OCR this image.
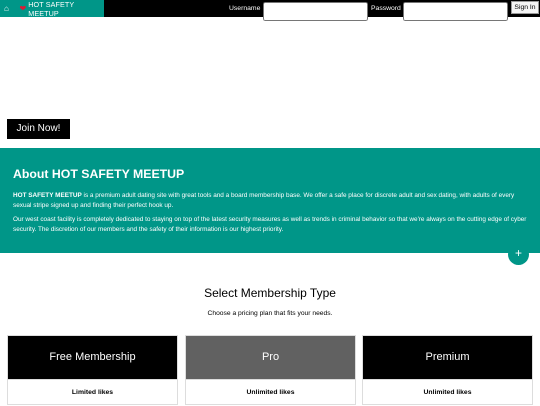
⌂	❤ HOT SAFETY MEETUP	Username	Password	Sign In
Join Now!
About HOT SAFETY MEETUP

HOT SAFETY MEETUP is a premium adult dating site with great tools and a board membership base. We offer a safe place for discrete adult and sex dating, with adults of every sexual stripe signed up and finding their perfect hook up.

Our west coast facility is completely dedicated to staying on top of the latest security measures as well as trends in criminal behavior so that we're always on the cutting edge of cyber security. The discretion of our members and the safety of their information is our highest priority.

+
Select Membership Type
Choose a pricing plan that fits your needs.
Free Membership
Limited likes
Pro
Unlimited likes
Premium
Unlimited likes
